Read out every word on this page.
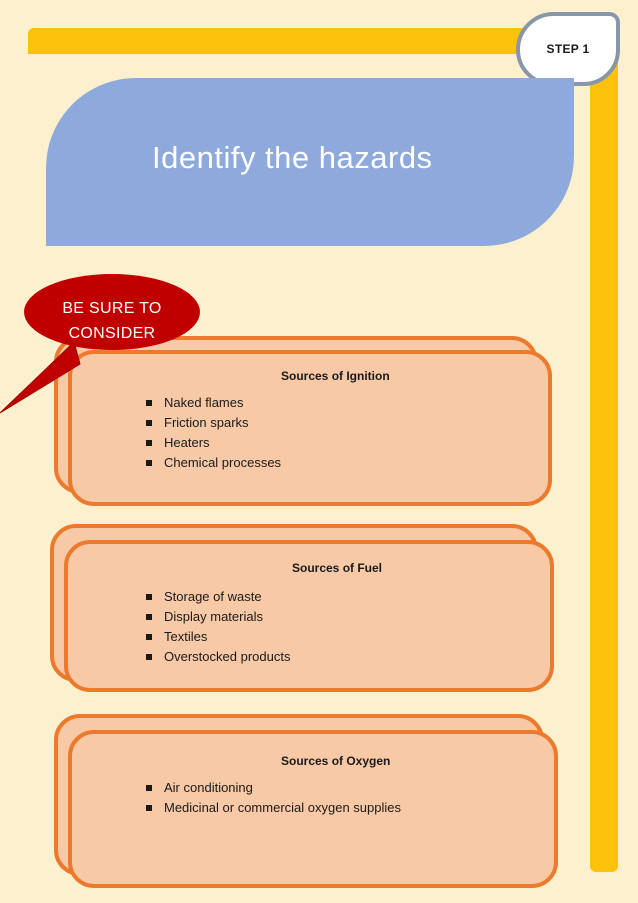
STEP 1
Identify the hazards
Sources of Ignition
Naked flames
Friction sparks
Heaters
Chemical processes
Sources of Fuel
Storage of waste
Display materials
Textiles
Overstocked products
Sources of Oxygen
Air conditioning
Medicinal or commercial oxygen supplies
BE SURE TO
CONSIDER
